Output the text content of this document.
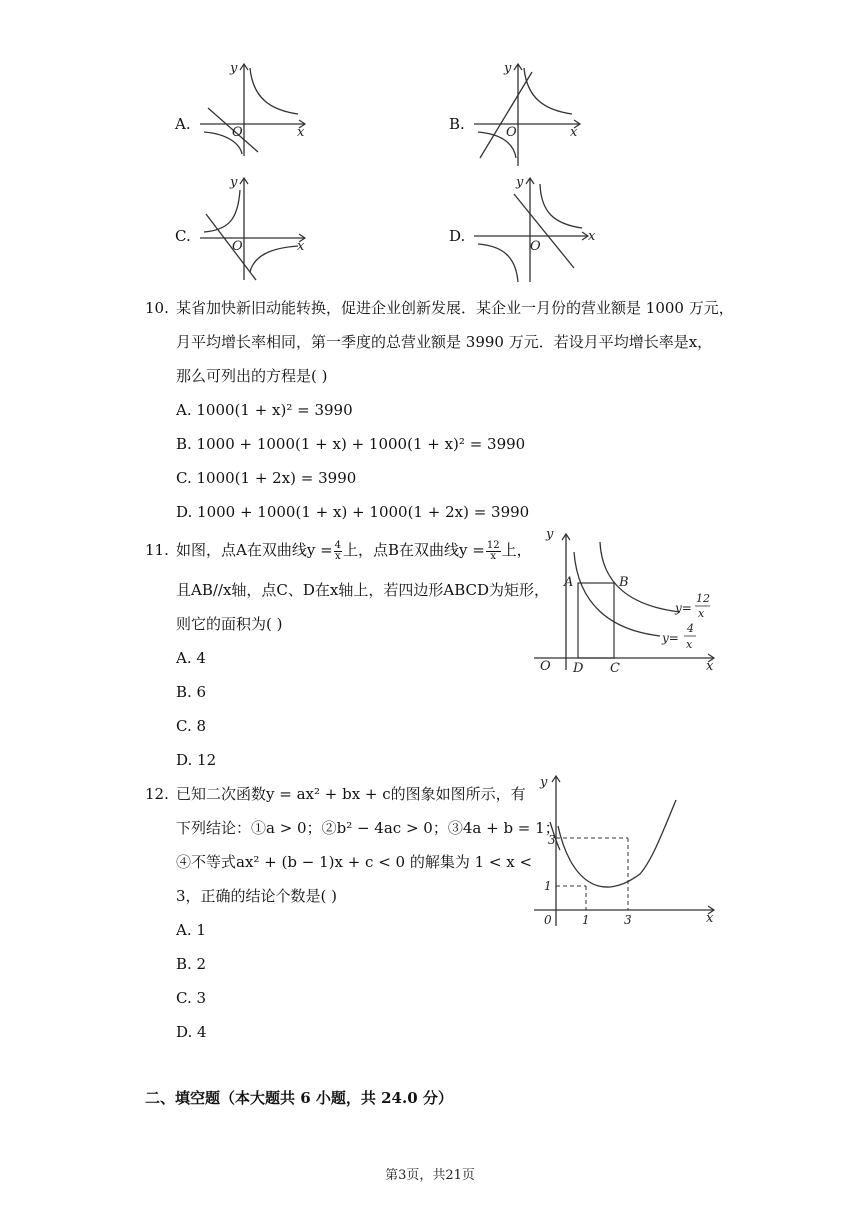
A.
y
O	x	B.
y
O	x
C.
y
O	x
D.
y
O
x
10. 某省加快新旧动能转换，促进企业创新发展．某企业一月份的营业额是 1000 万元，
月平均增长率相同，第一季度的总营业额是 3990 万元．若设月平均增长率是x，
那么可列出的方程是( )
A. 1000(1 + x)² = 3990
B. 1000 + 1000(1 + x) + 1000(1 + x)² = 3990
C. 1000(1 + 2x) = 3990
D. 1000 + 1000(1 + x) + 1000(1 + 2x) = 3990
11. 如图，点A在双曲线$y = \frac{4}{x}$ 上，点B在双曲线$y = \frac{12}{x}$ 上，
且AB//x轴，点C、D在x轴上，若四边形ABCD为矩形，
则它的面积为( )
A. 4
B. 6
C. 8
D. 12
y
O	x
A	B
D C
y=
12
x
y=
4
x
12. 已知二次函数y = ax² + bx + c的图象如图所示，有
下列结论：①a > 0；②b² − 4ac > 0；③4a + b = 1；
④不等式ax² + (b − 1)x + c < 0 的解集为 1 < x <
3，正确的结论个数是( )
A. 1
B. 2
C. 3
D. 4
y
x
0	1	3
1
3
二、填空题（本大题共 6 小题，共 24.0 分）
第3页，共21页
